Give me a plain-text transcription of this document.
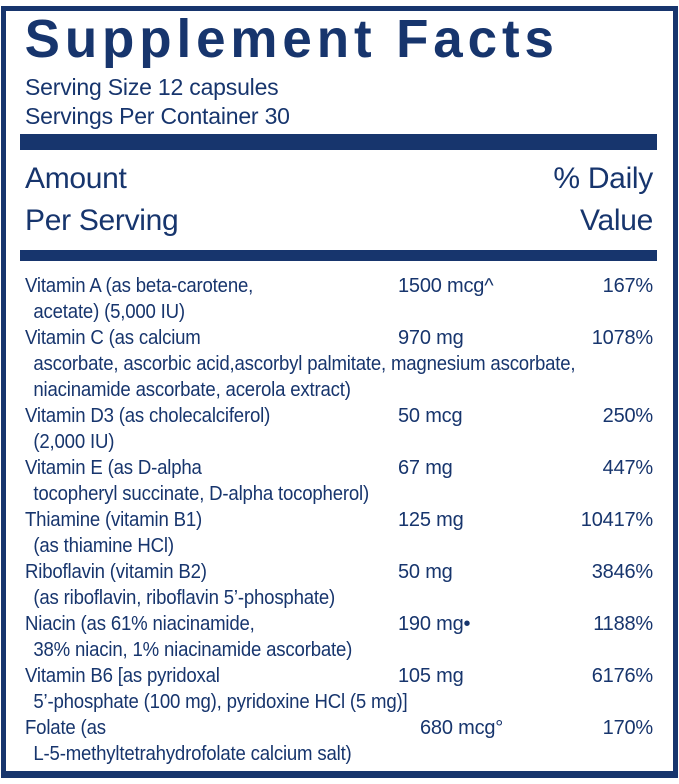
Supplement Facts
Serving Size 12 capsules
Servings Per Container 30
Amount
Per Serving
% Daily
Value
Vitamin A (as beta-carotene,	1500 mcg^	167%
acetate) (5,000 IU)
Vitamin C (as calcium	970 mg	1078%
ascorbate, ascorbic acid,ascorbyl palmitate, magnesium ascorbate,
niacinamide ascorbate, acerola extract)
Vitamin D3 (as cholecalciferol)	50 mcg	250%
(2,000 IU)
Vitamin E (as D-alpha	67 mg	447%
tocopheryl succinate, D-alpha tocopherol)
Thiamine (vitamin B1)	125 mg	10417%
(as thiamine HCl)
Riboflavin (vitamin B2)	50 mg	3846%
(as riboflavin, riboflavin 5’-phosphate)
Niacin (as 61% niacinamide,	190 mg•	1188%
38% niacin, 1% niacinamide ascorbate)
Vitamin B6 [as pyridoxal	105 mg	6176%
5’-phosphate (100 mg), pyridoxine HCl (5 mg)]
Folate (as	680 mcg°	170%
L-5-methyltetrahydrofolate calcium salt)
